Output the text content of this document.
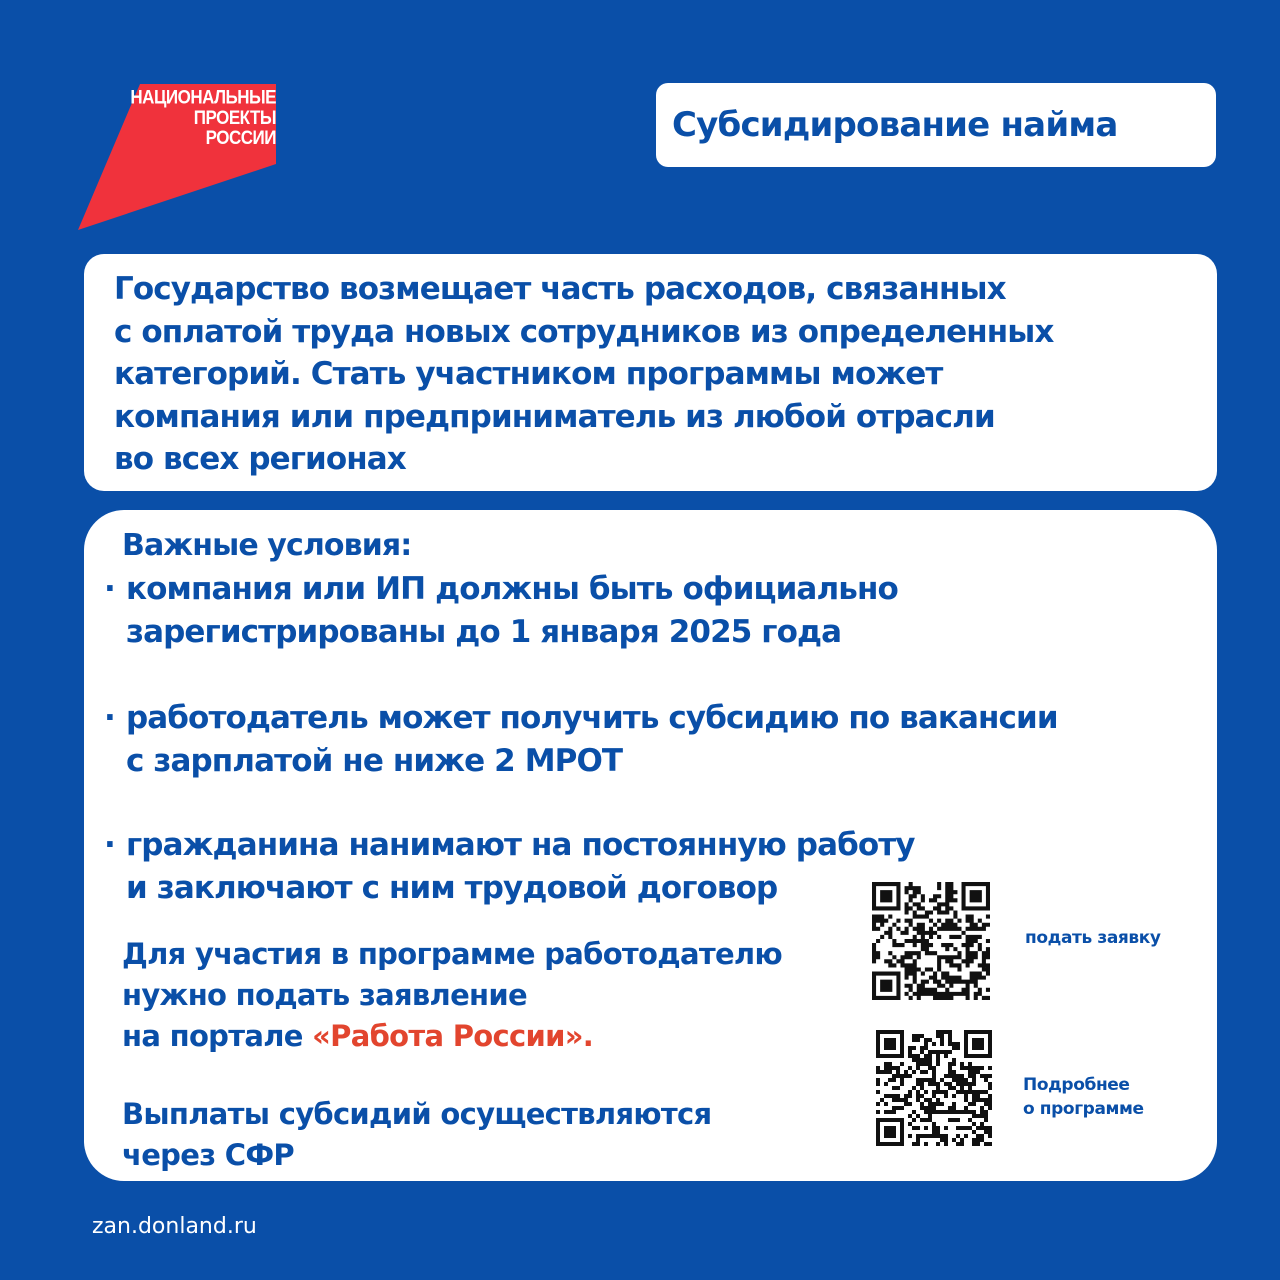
НАЦИОНАЛЬНЫЕ
ПРОЕКТЫ
РОССИИ	Субсидирование найма

Государство возмещает часть расходов, связанных

с оплатой труда новых сотрудников из определенных

категорий. Стать участником программы может

компания или предприниматель из любой отрасли

во всех регионах

Важные условия:
· компания или ИП должны быть официально
зарегистрированы до 1 января 2025 года
· работодатель может получить субсидию по вакансии
с зарплатой не ниже 2 МРОТ
· гражданина нанимают на постоянную работу
и заключают с ним трудовой договор
Для участия в программе работодателю
нужно подать заявление
на портале «Работа России».
Выплаты субсидий осуществляются
через СФР
подать заявку
Подробнее
о программе
zan.donland.ru
